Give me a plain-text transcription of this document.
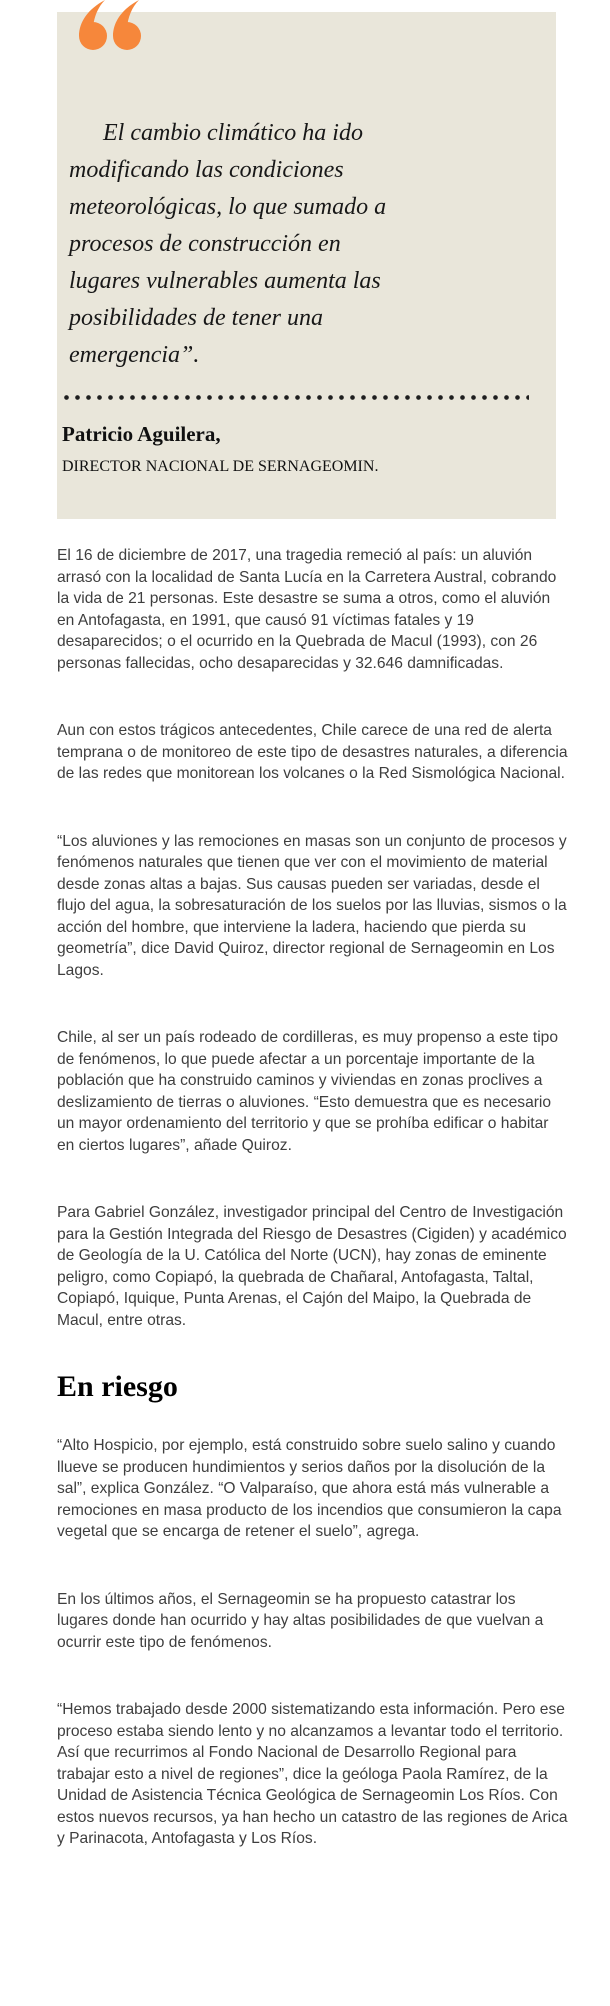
El cambio climático ha ido modificando las condiciones meteorológicas, lo que sumado a procesos de construcción en lugares vulnerables aumenta las posibilidades de tener una emergencia”.
Patricio Aguilera,
DIRECTOR NACIONAL DE SERNAGEOMIN.

El 16 de diciembre de 2017, una tragedia remeció al país: un aluvión arrasó con la localidad de Santa Lucía en la Carretera Austral, cobrando la vida de 21 personas. Este desastre se suma a otros, como el aluvión en Antofagasta, en 1991, que causó 91 víctimas fatales y 19 desaparecidos; o el ocurrido en la Quebrada de Macul (1993), con 26 personas fallecidas, ocho desaparecidas y 32.646 damnificadas.

Aun con estos trágicos antecedentes, Chile carece de una red de alerta temprana o de monitoreo de este tipo de desastres naturales, a diferencia de las redes que monitorean los volcanes o la Red Sismológica Nacional.

“Los aluviones y las remociones en masas son un conjunto de procesos y fenómenos naturales que tienen que ver con el movimiento de material desde zonas altas a bajas. Sus causas pueden ser variadas, desde el flujo del agua, la sobresaturación de los suelos por las lluvias, sismos o la acción del hombre, que interviene la ladera, haciendo que pierda su geometría”, dice David Quiroz, director regional de Sernageomin en Los Lagos.

Chile, al ser un país rodeado de cordilleras, es muy propenso a este tipo de fenómenos, lo que puede afectar a un porcentaje importante de la población que ha construido caminos y viviendas en zonas proclives a deslizamiento de tierras o aluviones. “Esto demuestra que es necesario un mayor ordenamiento del territorio y que se prohíba edificar o habitar en ciertos lugares”, añade Quiroz.

Para Gabriel González, investigador principal del Centro de Investigación para la Gestión Integrada del Riesgo de Desastres (Cigiden) y académico de Geología de la U. Católica del Norte (UCN), hay zonas de eminente peligro, como Copiapó, la quebrada de Chañaral, Antofagasta, Taltal, Copiapó, Iquique, Punta Arenas, el Cajón del Maipo, la Quebrada de Macul, entre otras.

En riesgo

“Alto Hospicio, por ejemplo, está construido sobre suelo salino y cuando llueve se producen hundimientos y serios daños por la disolución de la sal”, explica González. “O Valparaíso, que ahora está más vulnerable a remociones en masa producto de los incendios que consumieron la capa vegetal que se encarga de retener el suelo”, agrega.

En los últimos años, el Sernageomin se ha propuesto catastrar los lugares donde han ocurrido y hay altas posibilidades de que vuelvan a ocurrir este tipo de fenómenos.

“Hemos trabajado desde 2000 sistematizando esta información. Pero ese proceso estaba siendo lento y no alcanzamos a levantar todo el territorio. Así que recurrimos al Fondo Nacional de Desarrollo Regional para trabajar esto a nivel de regiones”, dice la geóloga Paola Ramírez, de la Unidad de Asistencia Técnica Geológica de Sernageomin Los Ríos. Con estos nuevos recursos, ya han hecho un catastro de las regiones de Arica y Parinacota, Antofagasta y Los Ríos.
